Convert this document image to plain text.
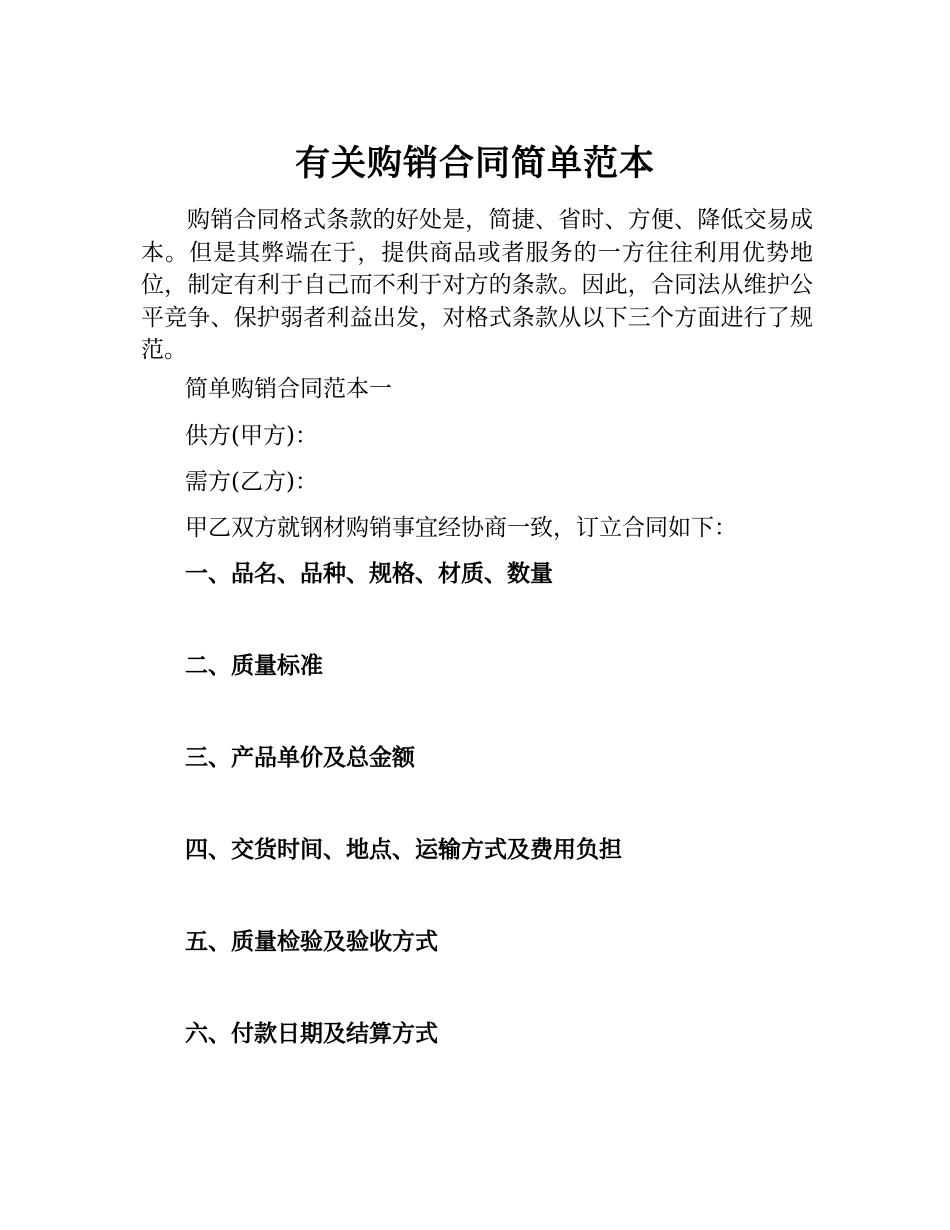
有关购销合同简单范本

购销合同格式条款的好处是，简捷、省时、方便、降低交易成本。但是其弊端在于，提供商品或者服务的一方往往利用优势地位，制定有利于自己而不利于对方的条款。因此，合同法从维护公平竞争、保护弱者利益出发，对格式条款从以下三个方面进行了规范。

简单购销合同范本一

供方(甲方)：

需方(乙方)：

甲乙双方就钢材购销事宜经协商一致，订立合同如下：

一、品名、品种、规格、材质、数量
二、质量标准
三、产品单价及总金额
四、交货时间、地点、运输方式及费用负担
五、质量检验及验收方式
六、付款日期及结算方式
